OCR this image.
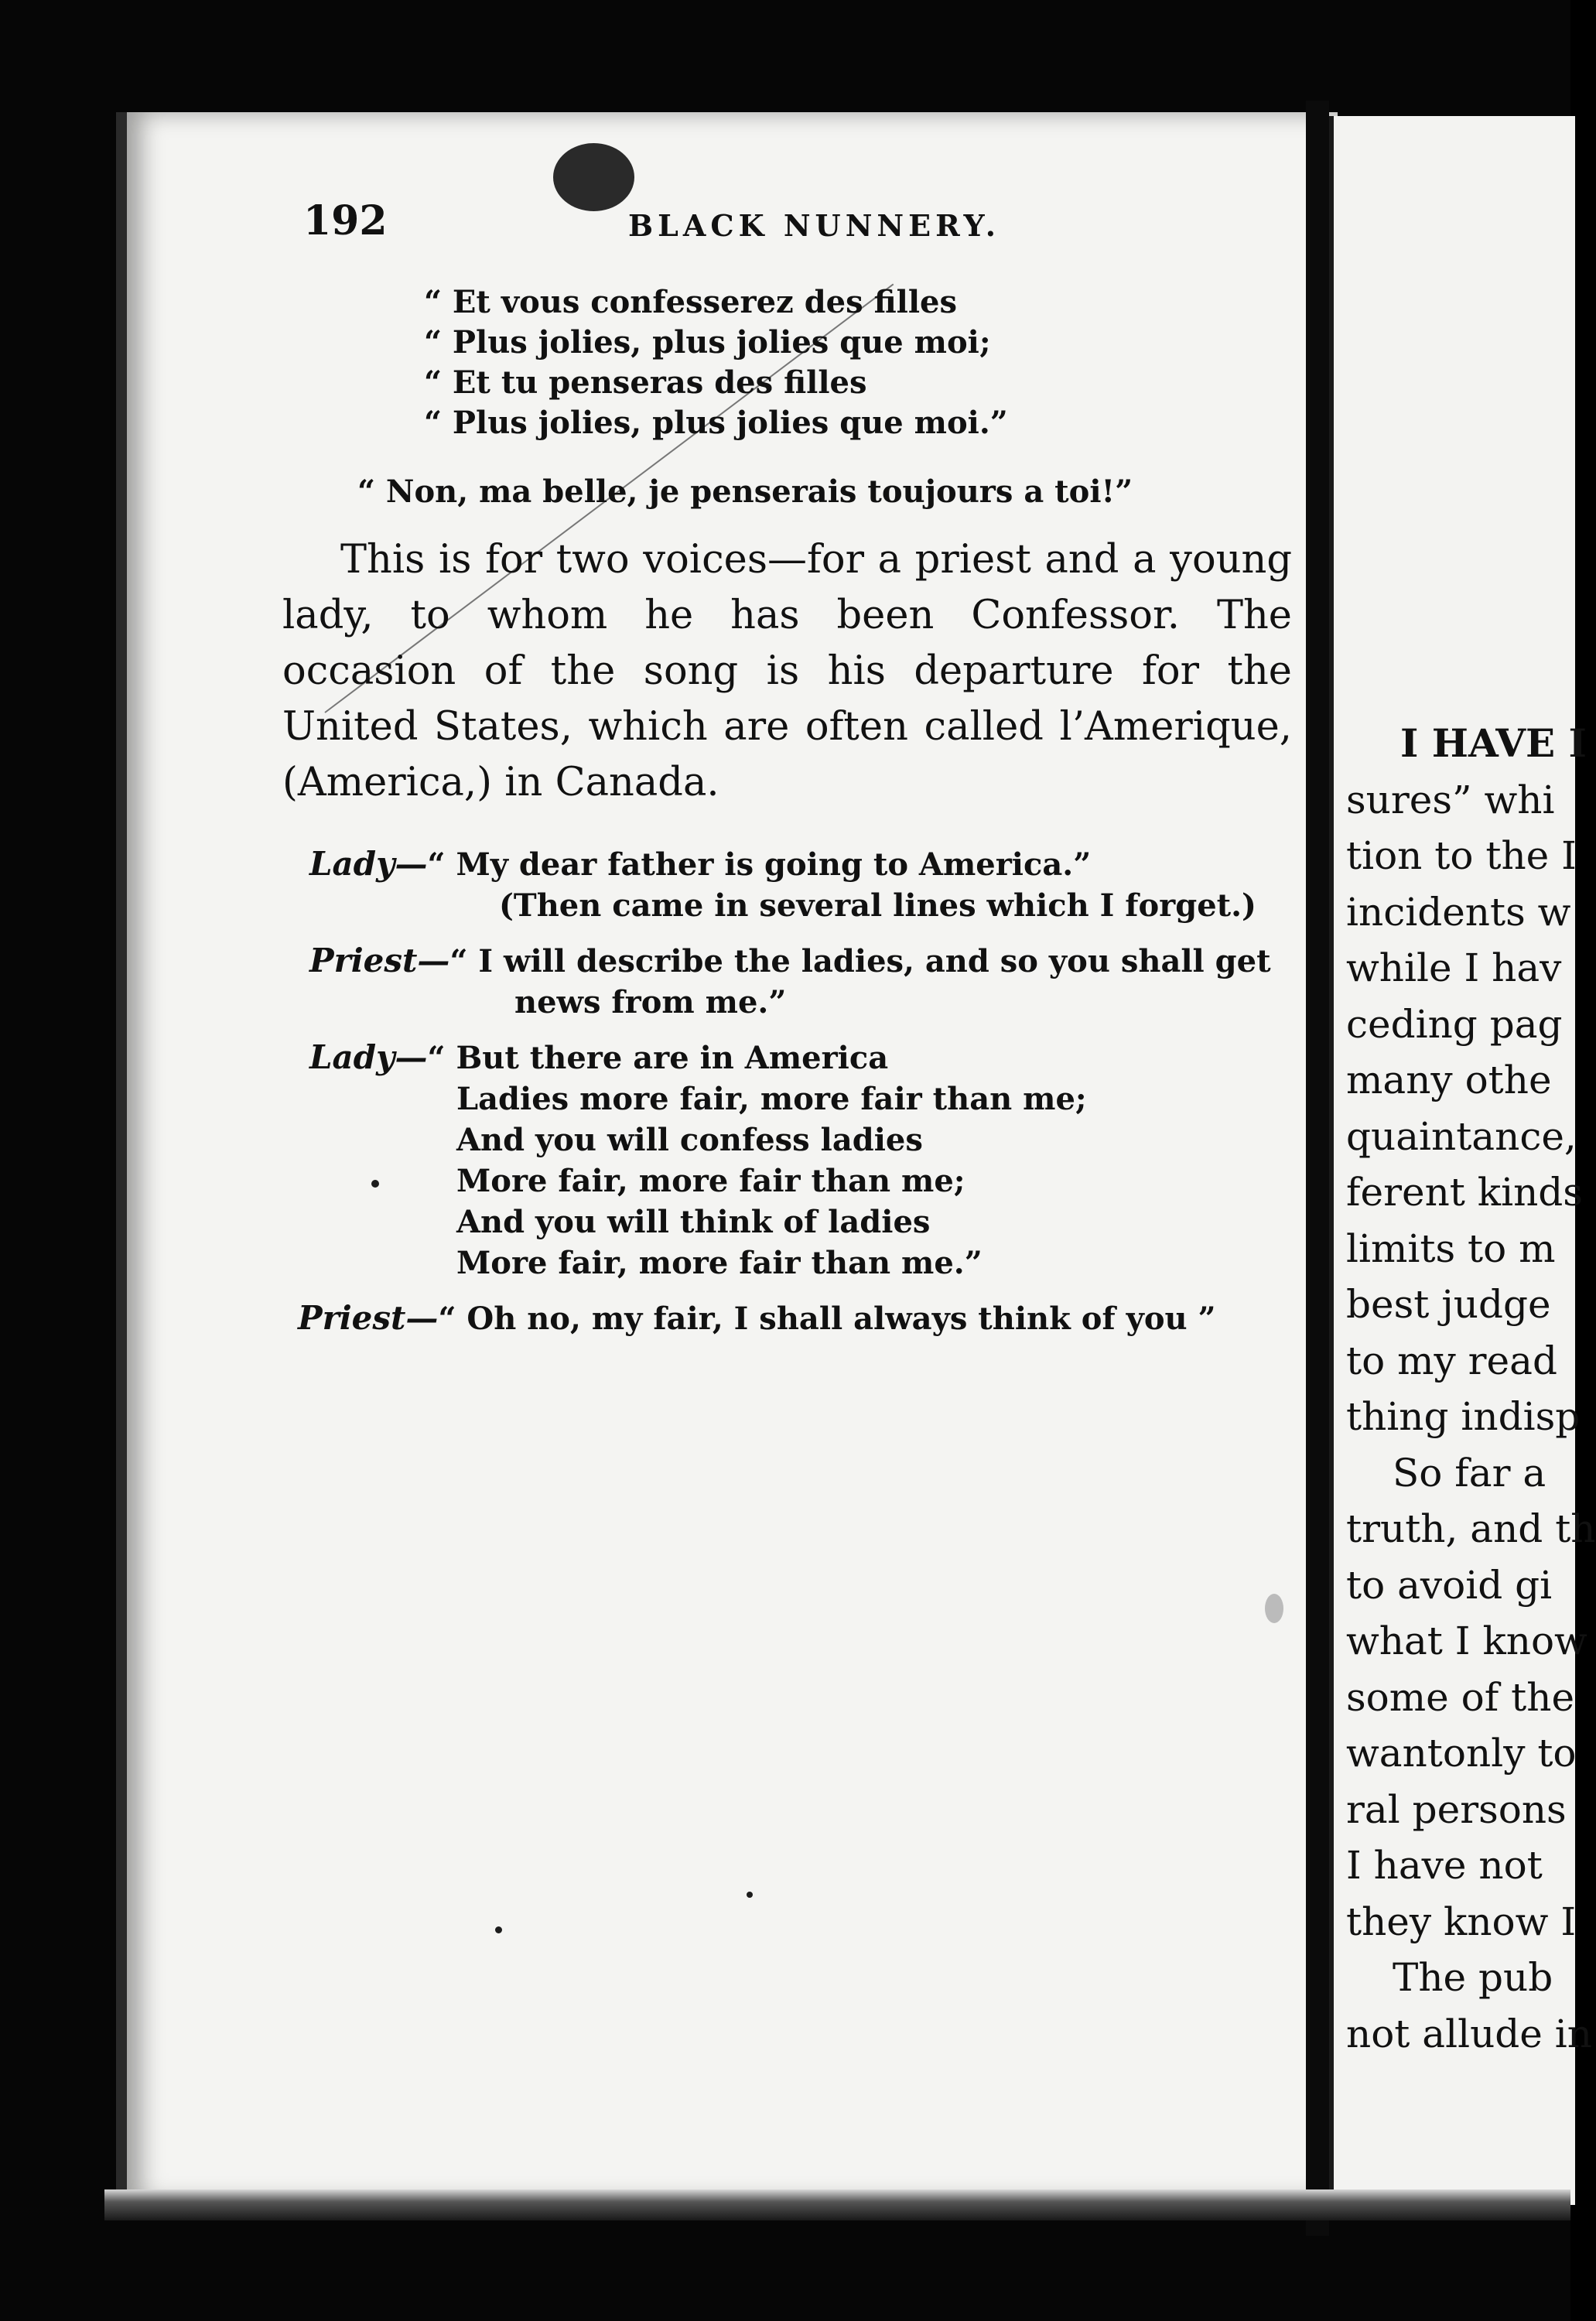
192	BLACK NUNNERY.
“ Et vous confesserez des filles
“ Plus jolies, plus jolies que moi;
“ Et tu penseras des filles
“ Plus jolies, plus jolies que moi.”
“ Non, ma belle, je penserais toujours a toi!”

This is for two voices—for a priest and a young lady, to whom he has been Confessor. The occasion of the song is his departure for the United States, which are often called l’Amerique, (America,) in Canada.

Lady—“ My dear father is going to America.”
(Then came in several lines which I forget.)
Priest—“ I will describe the ladies, and so you shall get
news from me.”
Lady—“ But there are in America
Ladies more fair, more fair than me;
And you will confess ladies
More fair, more fair than me;
And you will think of ladies
More fair, more fair than me.”
Priest—“ Oh no, my fair, I shall always think of you ”
I HAVE I
sures” whi
tion to the I
incidents w
while I hav
ceding pag
many othe
quaintance,
ferent kinds
limits to m
best judge
to my read
thing indisp
So far a
truth, and th
to avoid gi
what I know
some of the
wantonly to
ral persons
I have not
they know I
The pub
not allude in
